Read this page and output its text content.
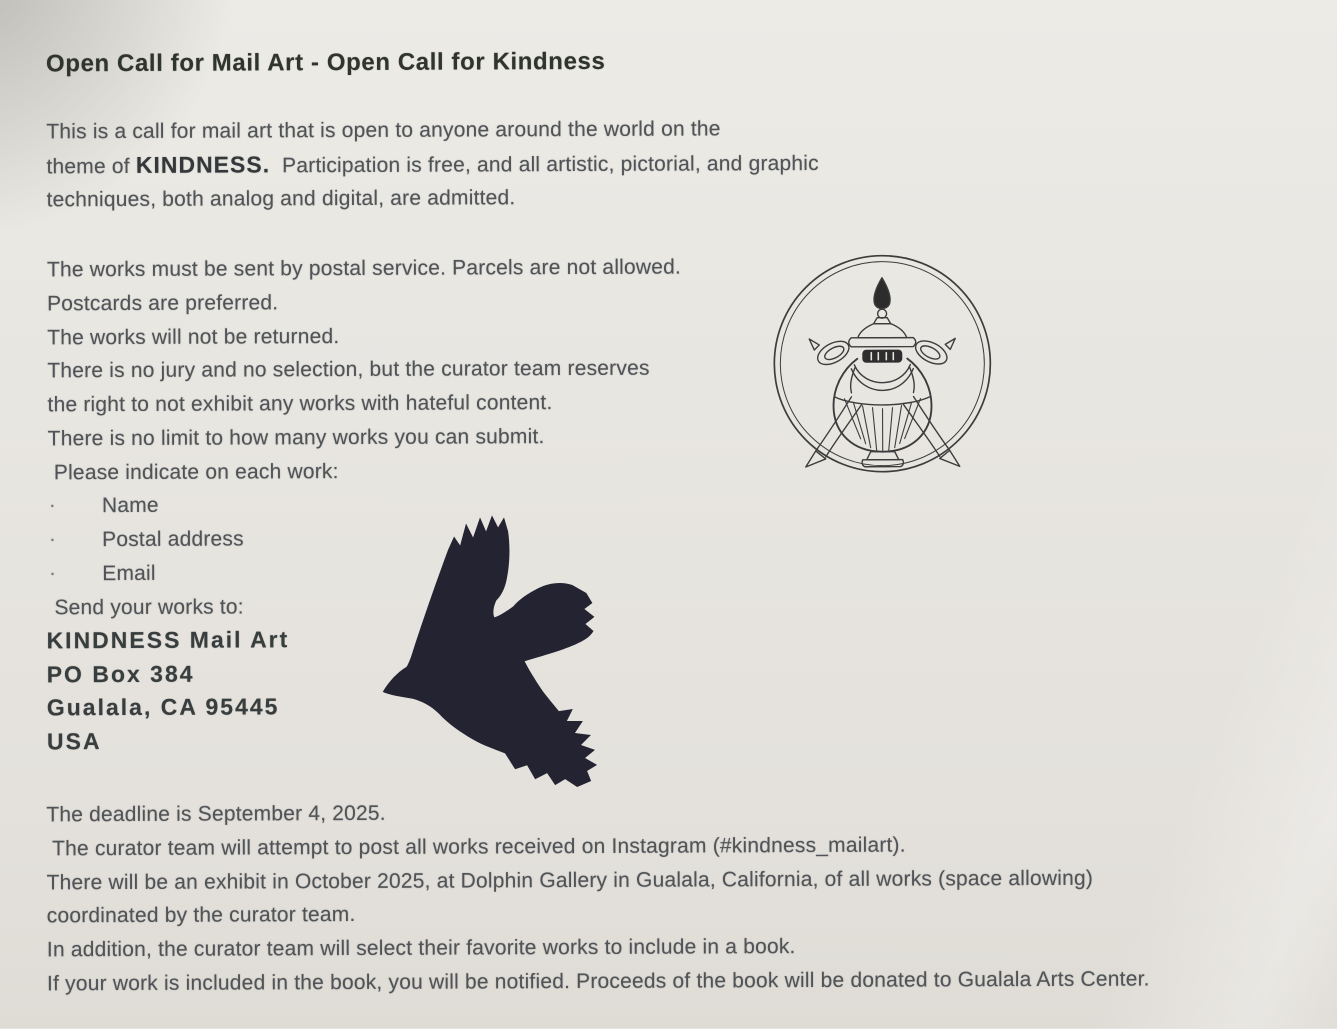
Open Call for Mail Art - Open Call for Kindness
This is a call for mail art that is open to anyone around the world on the
theme of KINDNESS.  Participation is free, and all artistic, pictorial, and graphic
techniques, both analog and digital, are admitted.
The works must be sent by postal service. Parcels are not allowed.
Postcards are preferred.
The works will not be returned.
There is no jury and no selection, but the curator team reserves
the right to not exhibit any works with hateful content.
There is no limit to how many works you can submit.
Please indicate on each work:
·	Name
·	Postal address
·	Email
Send your works to:
KINDNESS Mail Art
PO Box 384
Gualala, CA 95445
USA
The deadline is September 4, 2025.
The curator team will attempt to post all works received on Instagram (#kindness_mailart).
There will be an exhibit in October 2025, at Dolphin Gallery in Gualala, California, of all works (space allowing)
coordinated by the curator team.
In addition, the curator team will select their favorite works to include in a book.
If your work is included in the book, you will be notified. Proceeds of the book will be donated to Gualala Arts Center.
